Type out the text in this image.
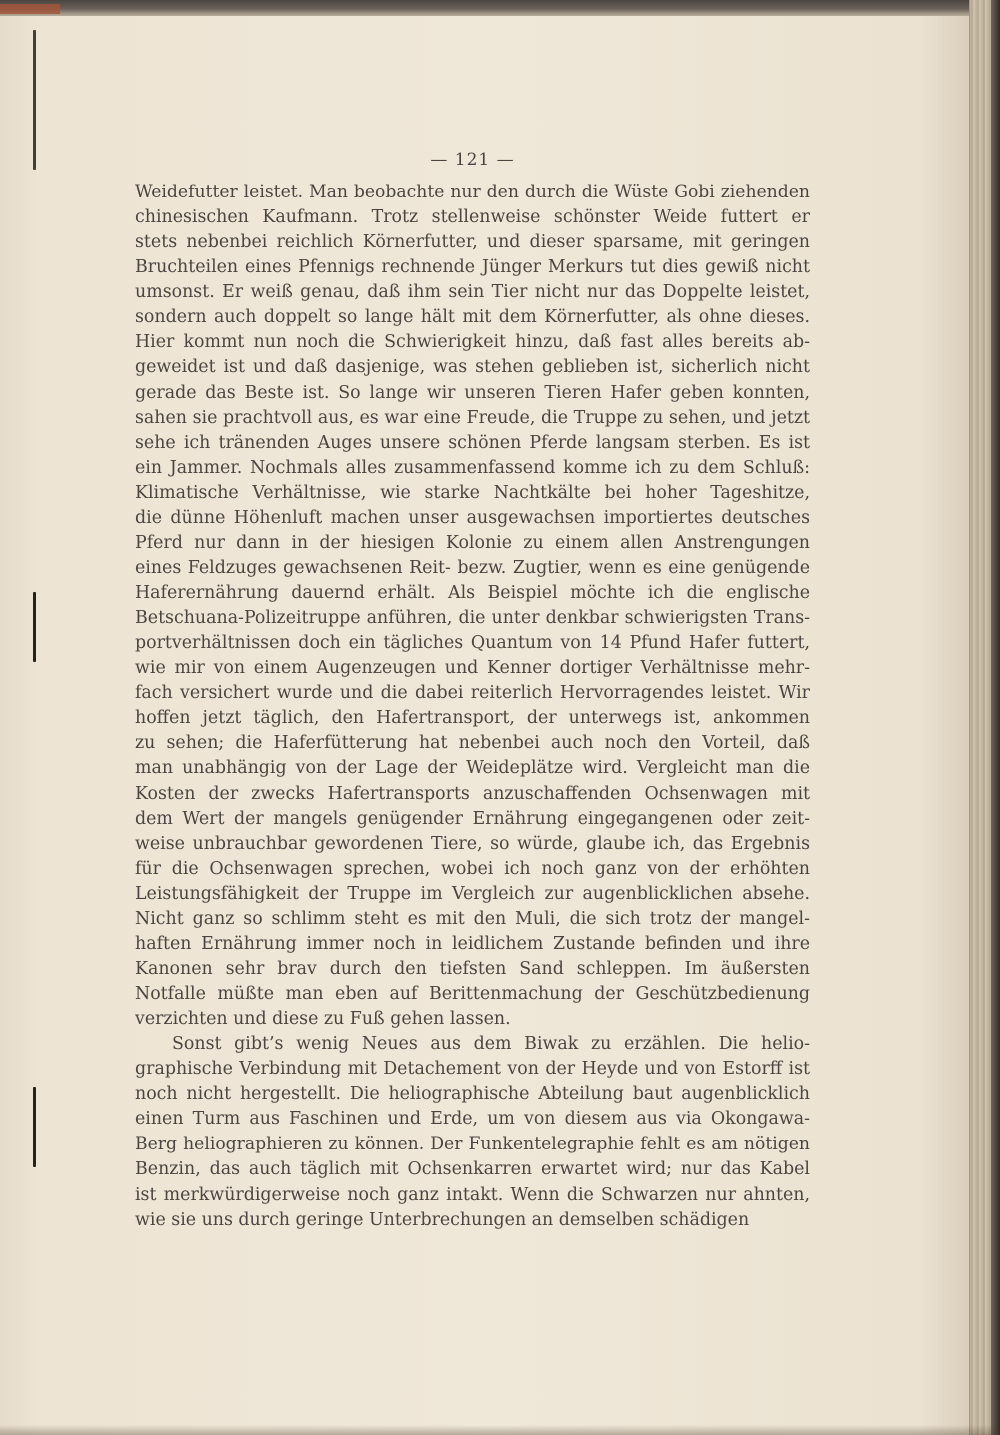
— 121 —
Weidefutter leistet. Man beobachte nur den durch die Wüste Gobi ziehenden
chinesischen Kaufmann. Trotz stellenweise schönster Weide futtert er
stets nebenbei reichlich Körnerfutter, und dieser sparsame, mit geringen
Bruchteilen eines Pfennigs rechnende Jünger Merkurs tut dies gewiß nicht
umsonst. Er weiß genau, daß ihm sein Tier nicht nur das Doppelte leistet,
sondern auch doppelt so lange hält mit dem Körnerfutter, als ohne dieses.
Hier kommt nun noch die Schwierigkeit hinzu, daß fast alles bereits ab-
geweidet ist und daß dasjenige, was stehen geblieben ist, sicherlich nicht
gerade das Beste ist. So lange wir unseren Tieren Hafer geben konnten,
sahen sie prachtvoll aus, es war eine Freude, die Truppe zu sehen, und jetzt
sehe ich tränenden Auges unsere schönen Pferde langsam sterben. Es ist
ein Jammer. Nochmals alles zusammenfassend komme ich zu dem Schluß:
Klimatische Verhältnisse, wie starke Nachtkälte bei hoher Tageshitze,
die dünne Höhenluft machen unser ausgewachsen importiertes deutsches
Pferd nur dann in der hiesigen Kolonie zu einem allen Anstrengungen
eines Feldzuges gewachsenen Reit- bezw. Zugtier, wenn es eine genügende
Haferernährung dauernd erhält. Als Beispiel möchte ich die englische
Betschuana-Polizeitruppe anführen, die unter denkbar schwierigsten Trans-
portverhältnissen doch ein tägliches Quantum von 14 Pfund Hafer futtert,
wie mir von einem Augenzeugen und Kenner dortiger Verhältnisse mehr-
fach versichert wurde und die dabei reiterlich Hervorragendes leistet. Wir
hoffen jetzt täglich, den Hafertransport, der unterwegs ist, ankommen
zu sehen; die Haferfütterung hat nebenbei auch noch den Vorteil, daß
man unabhängig von der Lage der Weideplätze wird. Vergleicht man die
Kosten der zwecks Hafertransports anzuschaffenden Ochsenwagen mit
dem Wert der mangels genügender Ernährung eingegangenen oder zeit-
weise unbrauchbar gewordenen Tiere, so würde, glaube ich, das Ergebnis
für die Ochsenwagen sprechen, wobei ich noch ganz von der erhöhten
Leistungsfähigkeit der Truppe im Vergleich zur augenblicklichen absehe.
Nicht ganz so schlimm steht es mit den Muli, die sich trotz der mangel-
haften Ernährung immer noch in leidlichem Zustande befinden und ihre
Kanonen sehr brav durch den tiefsten Sand schleppen. Im äußersten
Notfalle müßte man eben auf Berittenmachung der Geschützbedienung
verzichten und diese zu Fuß gehen lassen.
Sonst gibt’s wenig Neues aus dem Biwak zu erzählen. Die helio-
graphische Verbindung mit Detachement von der Heyde und von Estorff ist
noch nicht hergestellt. Die heliographische Abteilung baut augenblicklich
einen Turm aus Faschinen und Erde, um von diesem aus via Okongawa-
Berg heliographieren zu können. Der Funkentelegraphie fehlt es am nötigen
Benzin, das auch täglich mit Ochsenkarren erwartet wird; nur das Kabel
ist merkwürdigerweise noch ganz intakt. Wenn die Schwarzen nur ahnten,
wie sie uns durch geringe Unterbrechungen an demselben schädigen
